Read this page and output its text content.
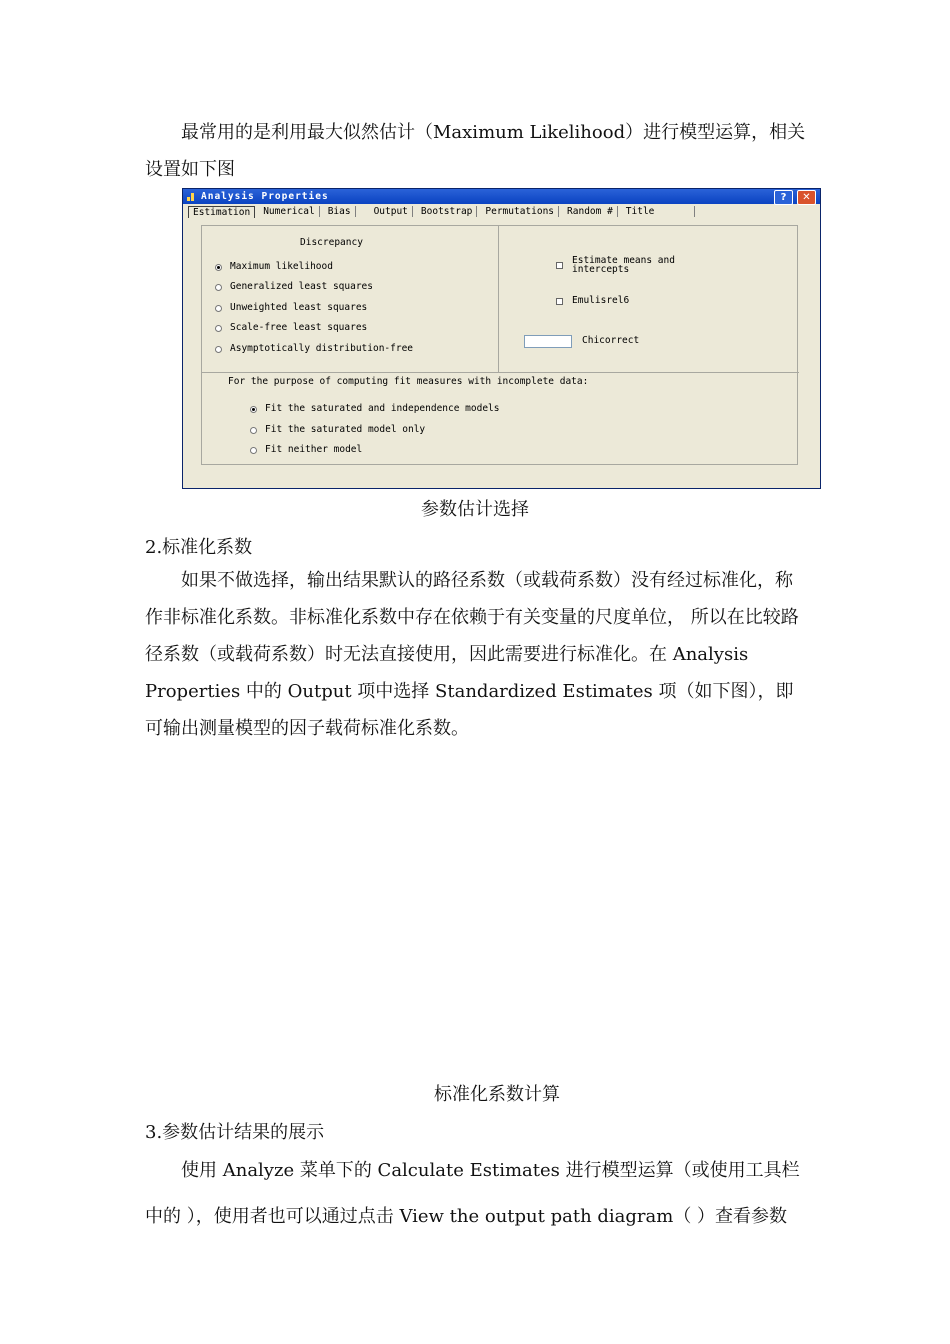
最常用的是利用最大似然估计（Maximum Likelihood）进行模型运算，相关设置如下图
Analysis Properties	?	✕
Estimation	Numerical	Bias	Output	Bootstrap	Permutations	Random #	Title
Discrepancy
Maximum likelihood
Generalized least squares
Unweighted least squares
Scale-free least squares
Asymptotically distribution-free
Estimate means and
intercepts
Emulisrel6
Chicorrect
For the purpose of computing fit measures with incomplete data:
Fit the saturated and independence models
Fit the saturated model only
Fit neither model
参数估计选择
2.标准化系数
如果不做选择，输出结果默认的路径系数（或载荷系数）没有经过标准化，称作非标准化系数。非标准化系数中存在依赖于有关变量的尺度单位， 所以在比较路径系数（或载荷系数）时无法直接使用，因此需要进行标准化。在 Analysis Properties 中的 Output 项中选择 Standardized Estimates 项（如下图），即可输出测量模型的因子载荷标准化系数。
标准化系数计算
3.参数估计结果的展示
使用 Analyze 菜单下的 Calculate Estimates 进行模型运算（或使用工具栏中的 ），使用者也可以通过点击 View the output path diagram（ ）查看参数
